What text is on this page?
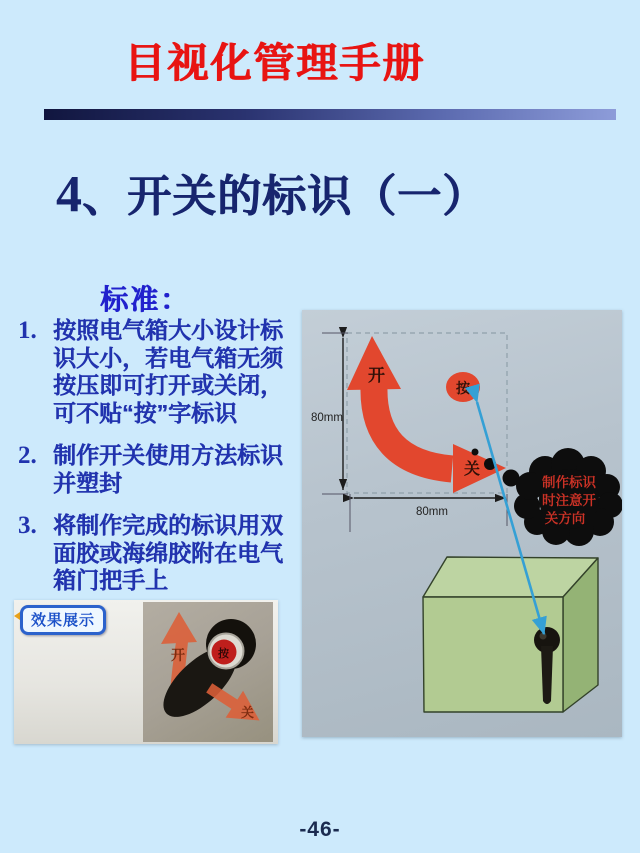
目视化管理手册
4 、开关的标识（一）
标准：
1. 按照电气箱大小设计标识大小，若电气箱无须按压即可打开或关闭，可不贴“按”字标识
2. 制作开关使用方法标识并塑封
3. 将制作完成的标识用双面胶或海绵胶附在电气箱门把手上
80mm
80mm
开
关
按
制作标识
时注意开
关方向
效果展示
开	按
关
-46-
